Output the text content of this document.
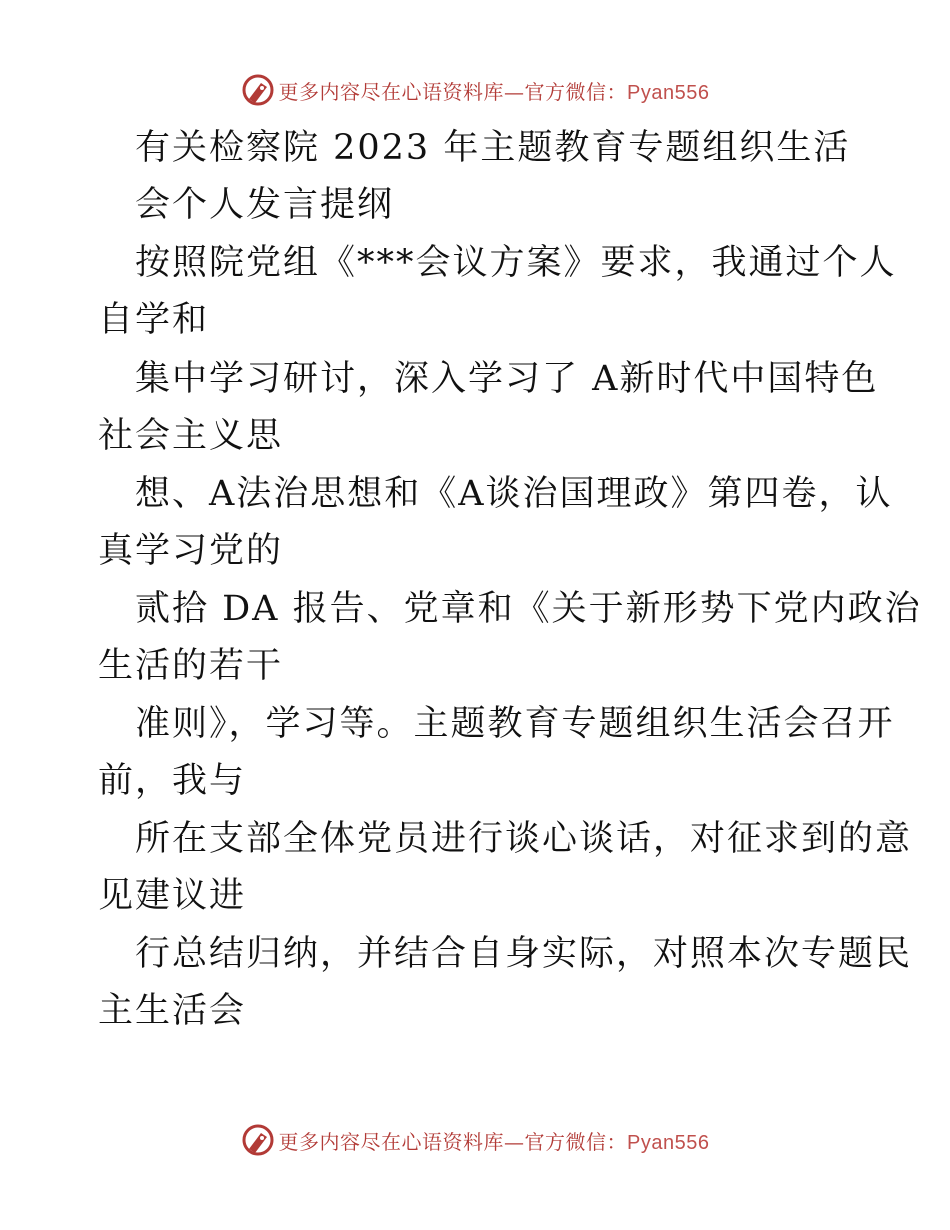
更多内容尽在心语资料库—官方微信：Pyan556
有关检察院 2023 年主题教育专题组织生活
会个人发言提纲
按照院党组《***会议方案》要求，我通过个人
自学和
集中学习研讨，深入学习了 A新时代中国特色
社会主义思
想、A法治思想和《A谈治国理政》第四卷，认
真学习党的
贰拾 DA 报告、党章和《关于新形势下党内政治
生活的若干
准则》，学习等。主题教育专题组织生活会召开
前，我与
所在支部全体党员进行谈心谈话，对征求到的意
见建议进
行总结归纳，并结合自身实际，对照本次专题民
主生活会
更多内容尽在心语资料库—官方微信：Pyan556
